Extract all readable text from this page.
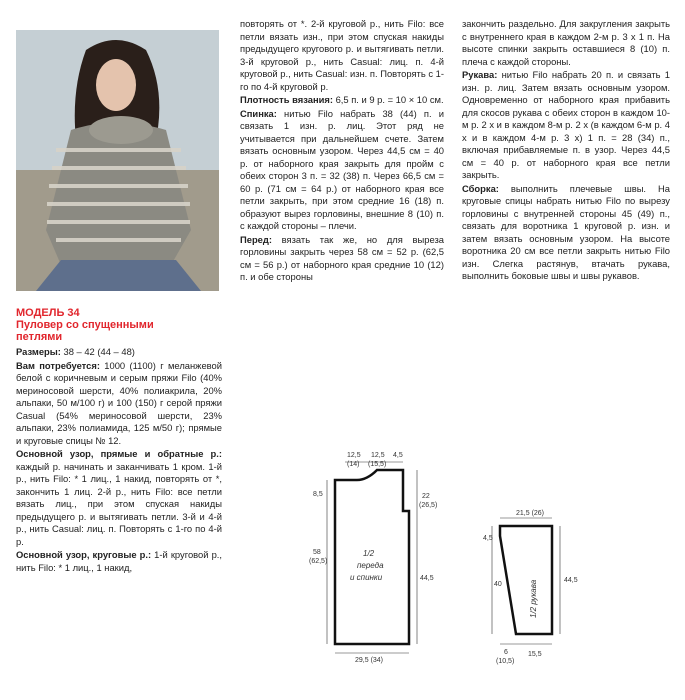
МОДЕЛЬ 34
Пуловер со спущенными
петлями

Размеры: 38 – 42 (44 – 48)

Вам потребуется: 1000 (1100) г меланжевой белой с коричневым и серым пряжи Filo (40% мериносовой шерсти, 40% полиакрила, 20% альпаки, 50 м/100 г) и 100 (150) г серой пряжи Casual (54% мериносовой шерсти, 23% альпаки, 23% полиамида, 125 м/50 г); прямые и круговые спицы № 12.

Основной узор, прямые и обратные р.: каждый р. начинать и заканчивать 1 кром. 1-й р., нить Filo: * 1 лиц., 1 накид, повторять от *, закончить 1 лиц. 2-й р., нить Filo: все петли вязать лиц., при этом спуская накиды предыдущего р. и вытягивать петли. 3-й и 4-й р., нить Casual: лиц. п. Повторять с 1-го по 4-й р.

Основной узор, круговые р.: 1-й круговой р., нить Filo: * 1 лиц., 1 накид,

повторять от *. 2-й круговой р., нить Filo: все петли вязать изн., при этом спуская накиды предыдущего кругового р. и вытягивать петли. 3-й круговой р., нить Casual: лиц. п. 4-й круговой р., нить Casual: изн. п. Повторять с 1-го по 4-й круговой р.

Плотность вязания: 6,5 п. и 9 р. = 10 × 10 см.

Спинка: нитью Filo набрать 38 (44) п. и связать 1 изн. р. лиц. Этот ряд не учитывается при дальнейшем счете. Затем вязать основным узором. Через 44,5 см = 40 р. от наборного края закрыть для пройм с обеих сторон 3 п. = 32 (38) п. Через 66,5 см = 60 р. (71 см = 64 р.) от наборного края все петли закрыть, при этом средние 16 (18) п. образуют вырез горловины, внешние 8 (10) п. с каждой стороны – плечи.

Перед: вязать так же, но для выреза горловины закрыть через 58 см = 52 р. (62,5 см = 56 р.) от наборного края средние 10 (12) п. и обе стороны

закончить раздельно. Для закругления закрыть с внутреннего края в каждом 2-м р. 3 х 1 п. На высоте спинки закрыть оставшиеся 8 (10) п. плеча с каждой стороны.

Рукава: нитью Filo набрать 20 п. и связать 1 изн. р. лиц. Затем вязать основным узором. Одновременно от наборного края прибавить для скосов рукава с обеих сторон в каждом 10-м р. 2 х и в каждом 8-м р. 2 х (в каждом 6-м р. 4 х и в каждом 4-м р. 3 х) 1 п. = 28 (34) п., включая прибавляемые п. в узор. Через 44,5 см = 40 р. от наборного края все петли закрыть.

Сборка: выполнить плечевые швы. На круговые спицы набрать нитью Filo по вырезу горловины с внутренней стороны 45 (49) п., связать для воротника 1 круговой р. изн. и затем вязать основным узором. На высоте воротника 20 см все петли закрыть нитью Filo изн. Слегка растянув, втачать рукава, выполнить боковые швы и швы рукавов.

12,5
(14)
12,5
(15,5)
4,5
8,5
58
(62,5)
22
(26,5)
44,5
29,5 (34)
1/2
переда
и спинки
21,5 (26)
4,5
40
44,5
6
(10,5)
15,5
1/2 рукава
